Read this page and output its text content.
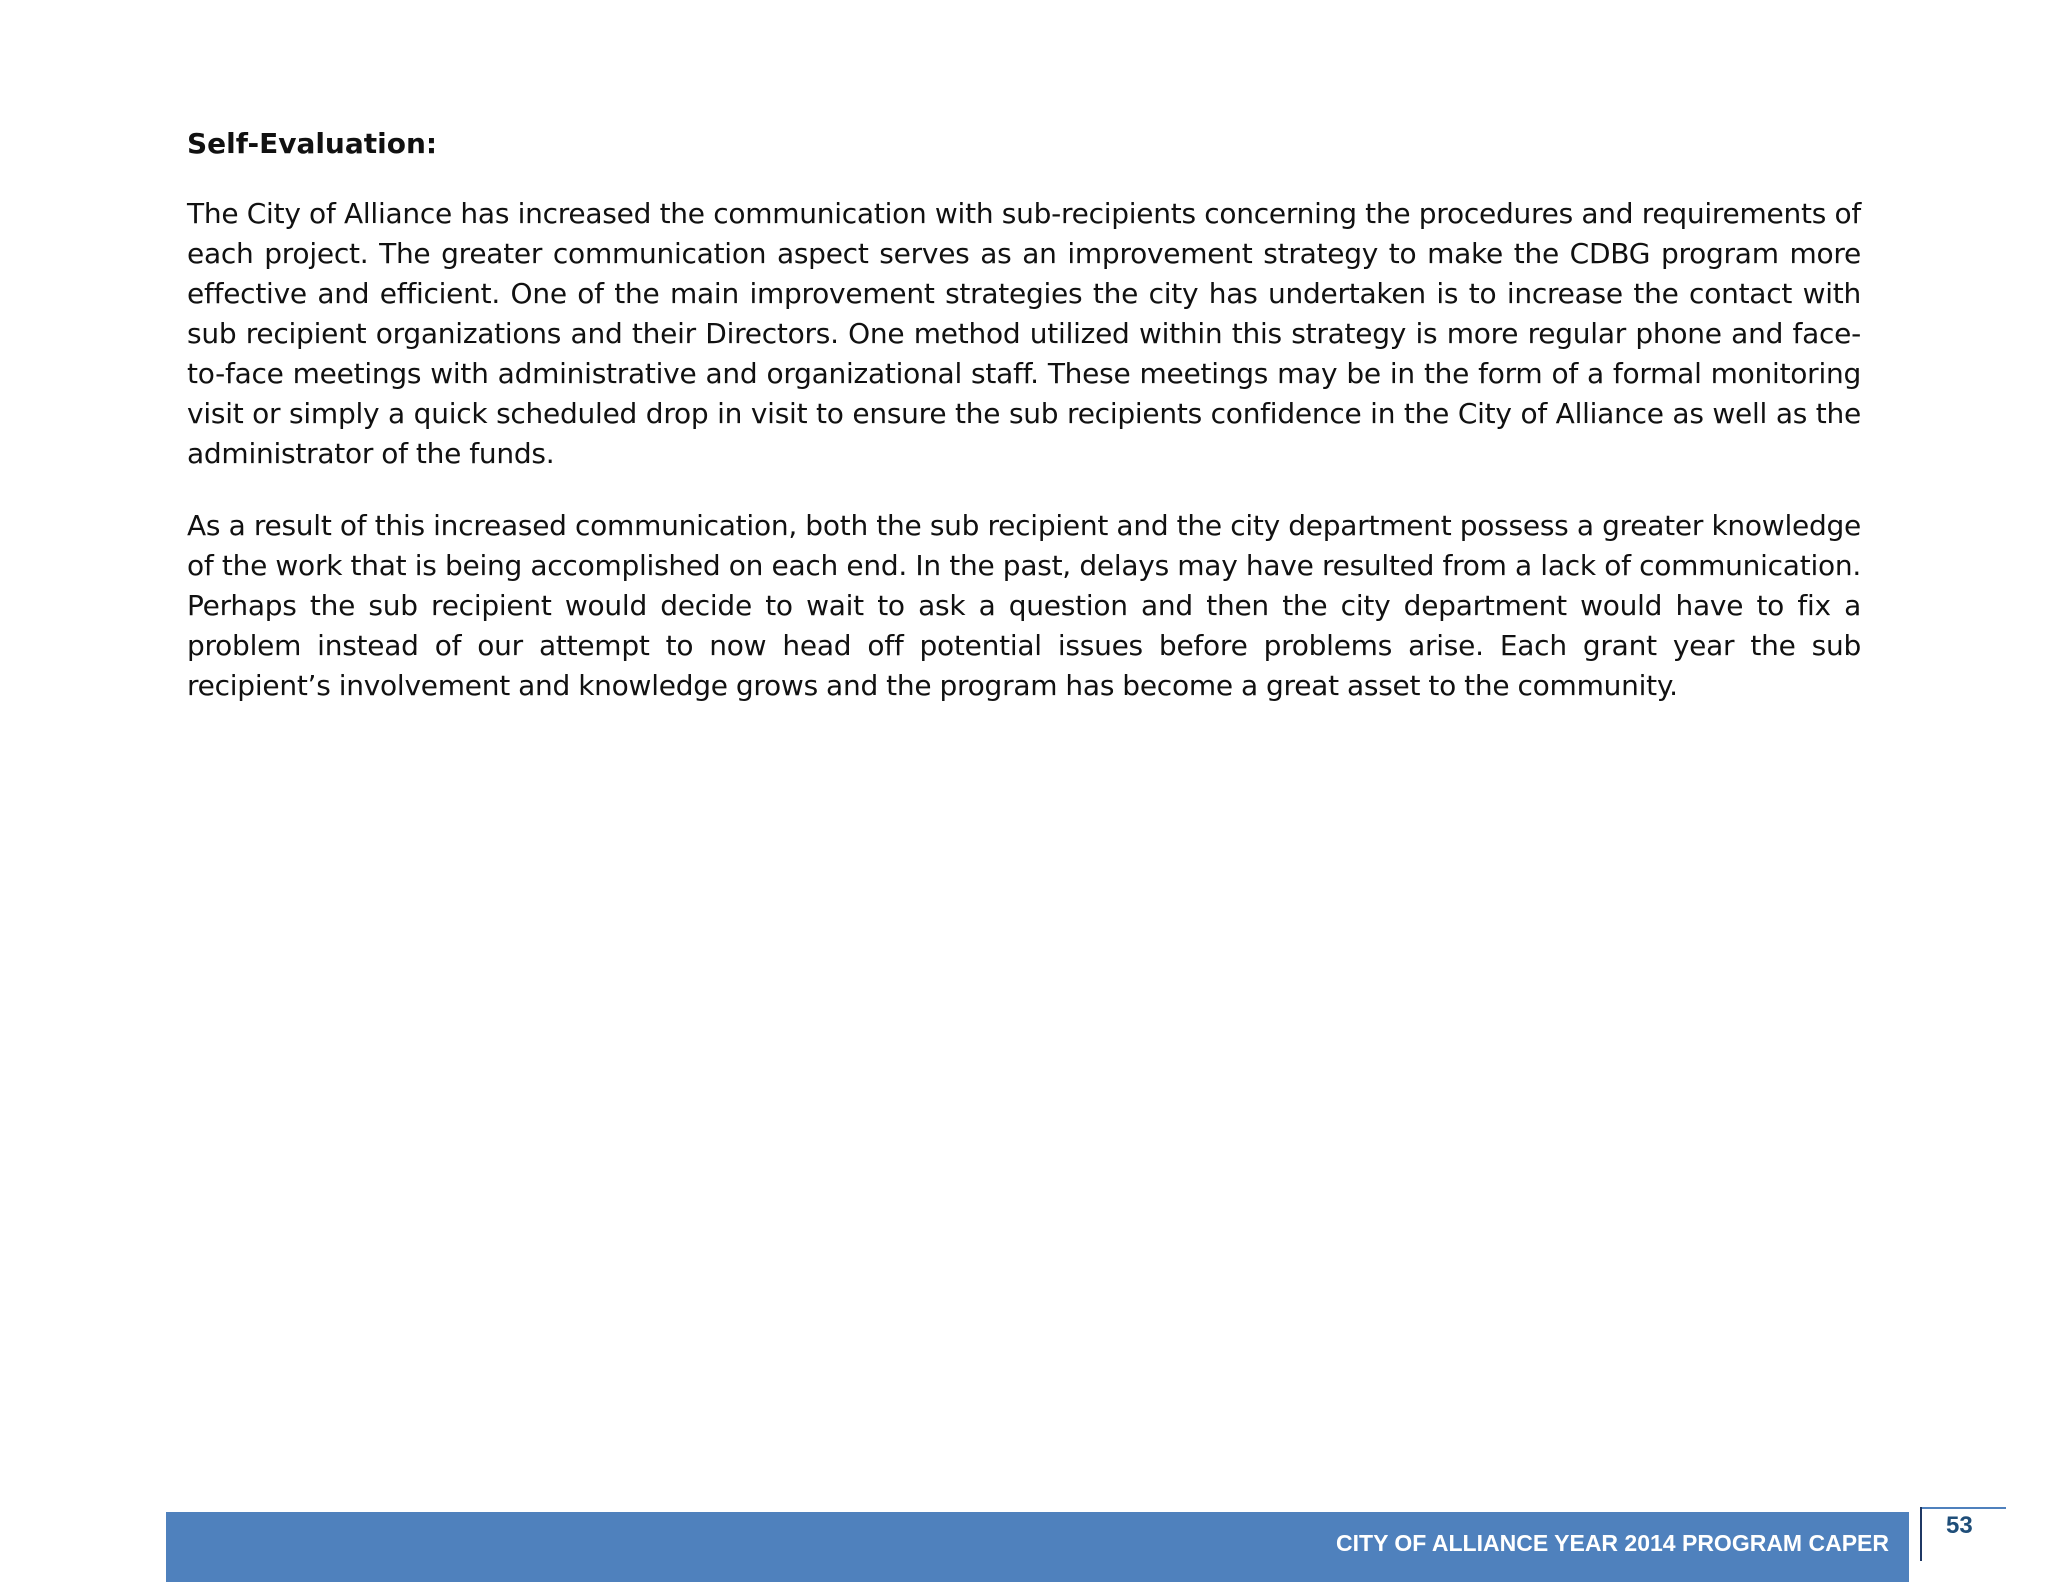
Self-Evaluation:

The City of Alliance has increased the communication with sub-recipients concerning the procedures and requirements of each project. The greater communication aspect serves as an improvement strategy to make the CDBG program more effective and efficient. One of the main improvement strategies the city has undertaken is to increase the contact with sub recipient organizations and their Directors. One method utilized within this strategy is more regular phone and face-to-face meetings with administrative and organizational staff. These meetings may be in the form of a formal monitoring visit or simply a quick scheduled drop in visit to ensure the sub recipients confidence in the City of Alliance as well as the administrator of the funds.

As a result of this increased communication, both the sub recipient and the city department possess a greater knowledge of the work that is being accomplished on each end. In the past, delays may have resulted from a lack of communication. Perhaps the sub recipient would decide to wait to ask a question and then the city department would have to fix a problem instead of our attempt to now head off potential issues before problems arise. Each grant year the sub recipient’s involvement and knowledge grows and the program has become a great asset to the community.

CITY OF ALLIANCE YEAR 2014 PROGRAM CAPER
53
